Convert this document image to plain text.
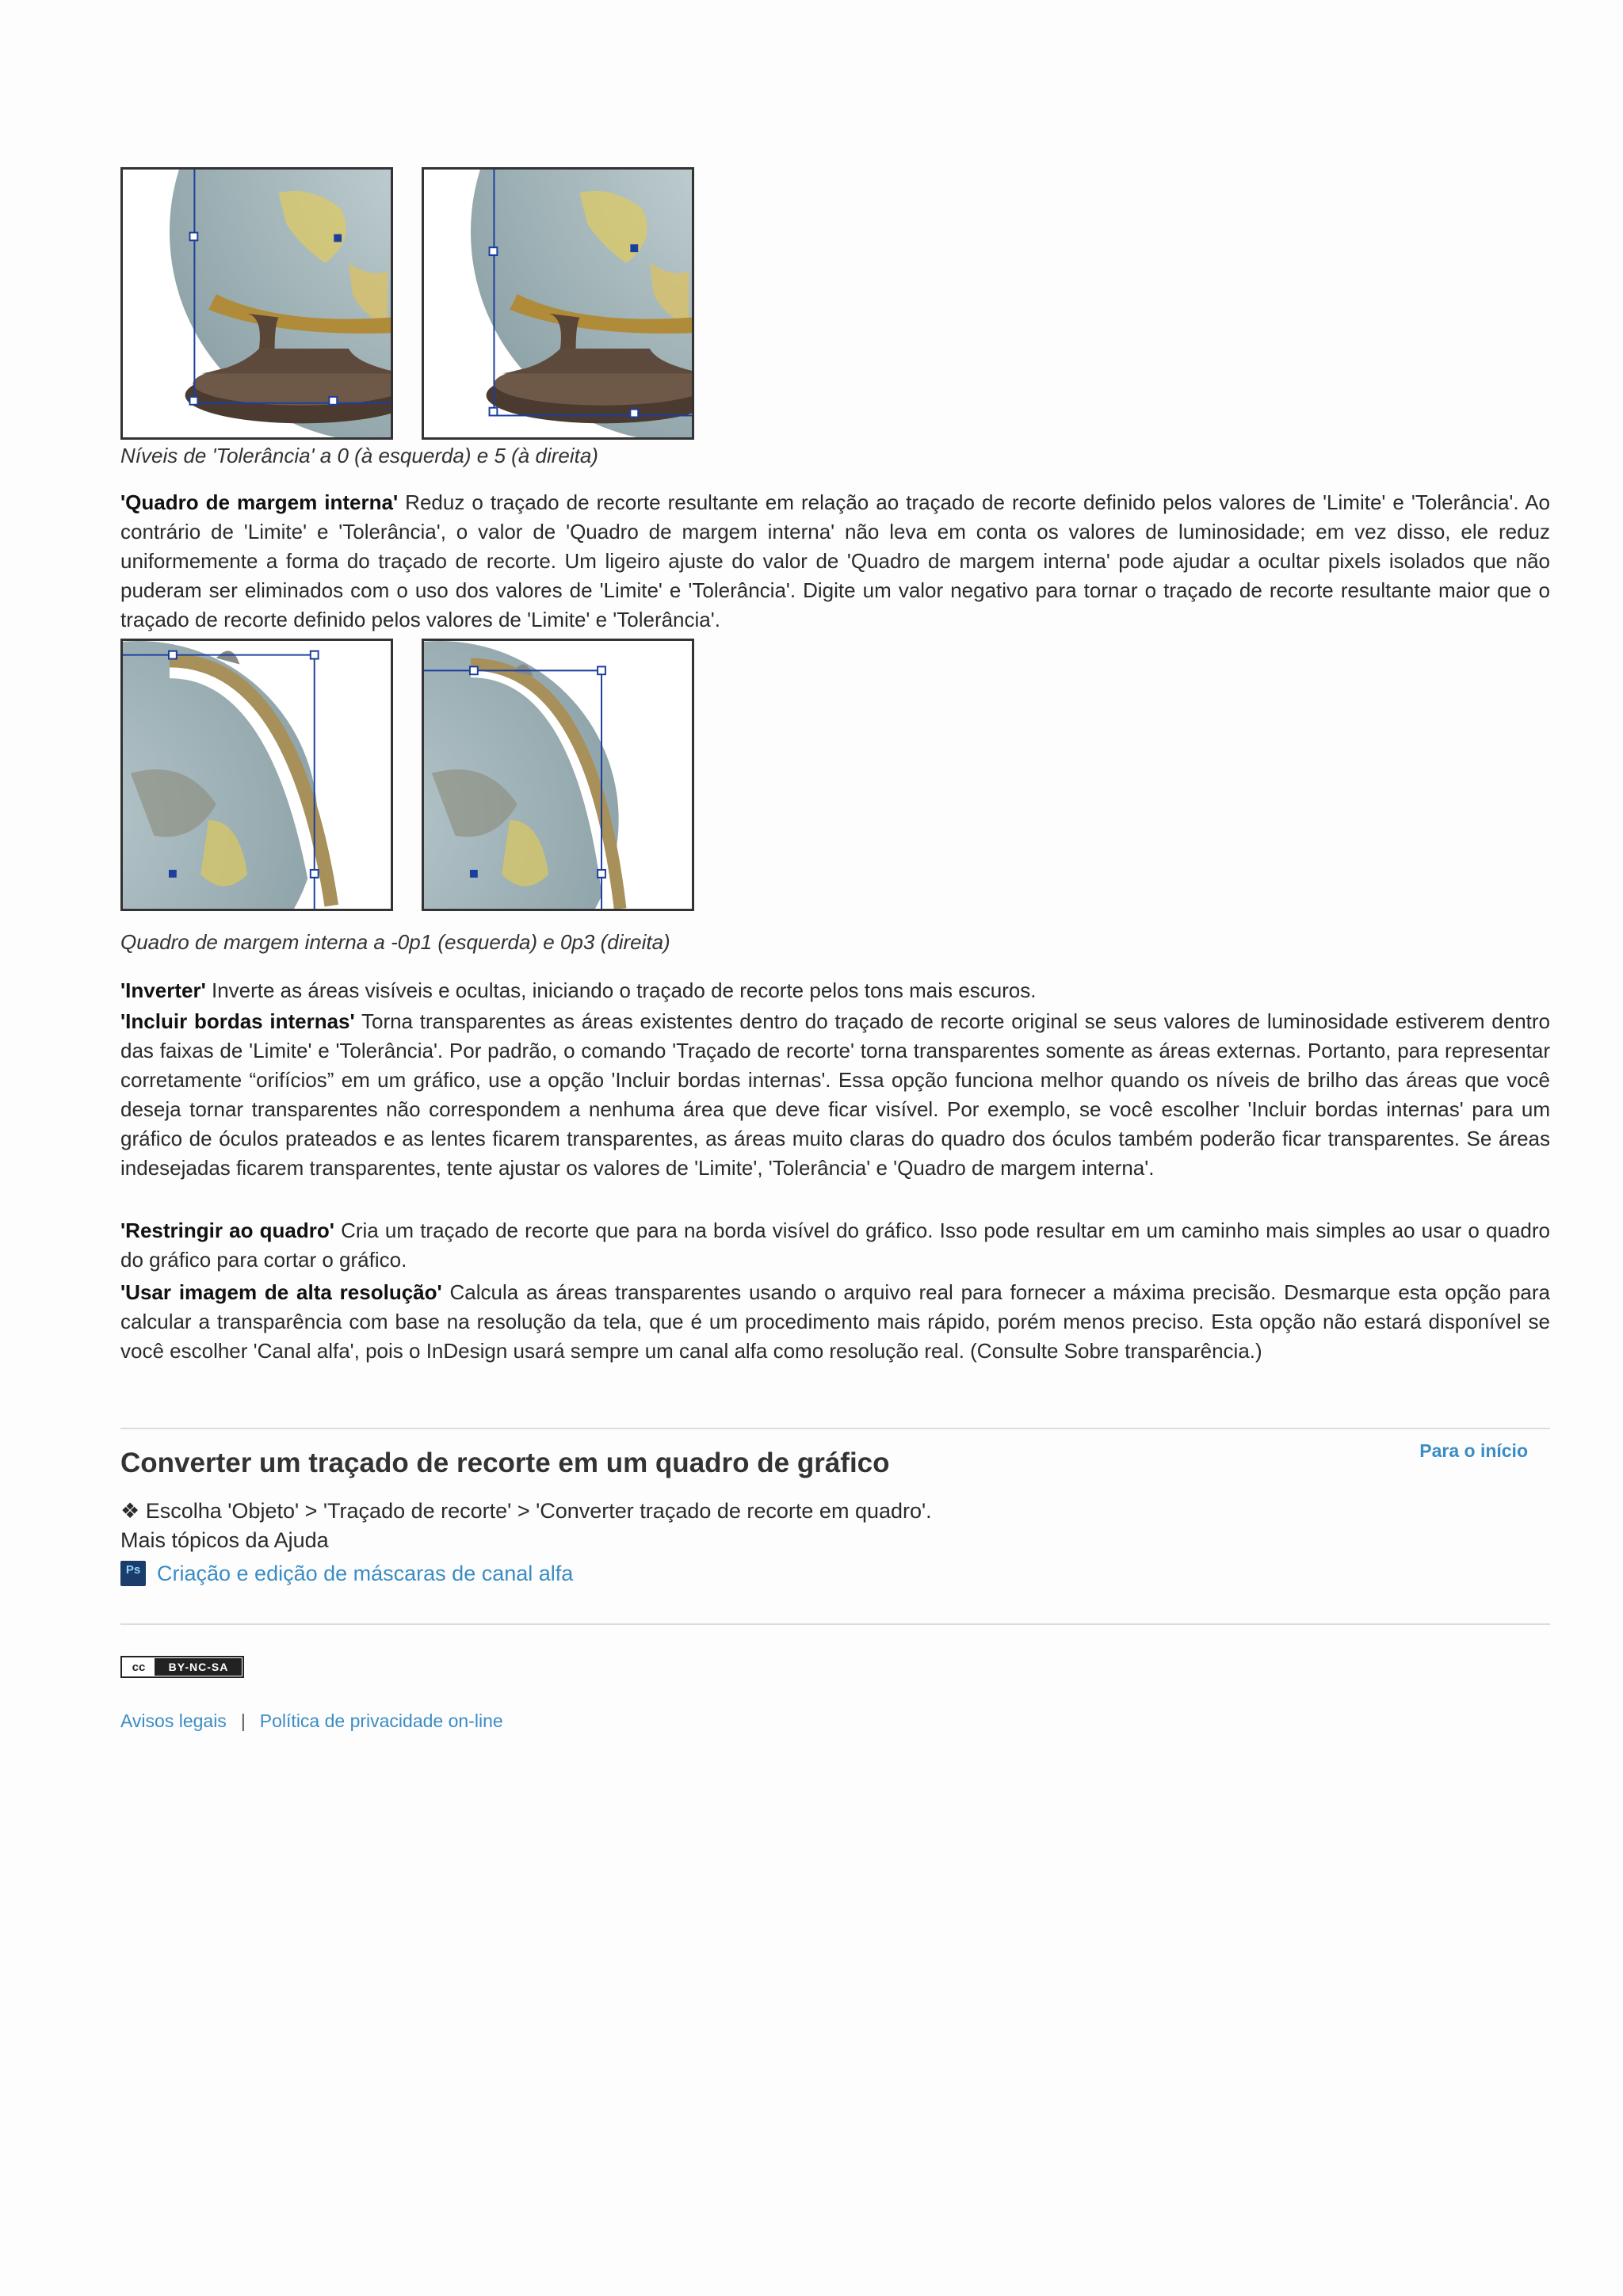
Níveis de 'Tolerância' a 0 (à esquerda) e 5 (à direita)

'Quadro de margem interna' Reduz o traçado de recorte resultante em relação ao traçado de recorte definido pelos valores de 'Limite' e 'Tolerância'. Ao contrário de 'Limite' e 'Tolerância', o valor de 'Quadro de margem interna' não leva em conta os valores de luminosidade; em vez disso, ele reduz uniformemente a forma do traçado de recorte. Um ligeiro ajuste do valor de 'Quadro de margem interna' pode ajudar a ocultar pixels isolados que não puderam ser eliminados com o uso dos valores de 'Limite' e 'Tolerância'. Digite um valor negativo para tornar o traçado de recorte resultante maior que o traçado de recorte definido pelos valores de 'Limite' e 'Tolerância'.

Quadro de margem interna a -0p1 (esquerda) e 0p3 (direita)

'Inverter' Inverte as áreas visíveis e ocultas, iniciando o traçado de recorte pelos tons mais escuros.

'Incluir bordas internas' Torna transparentes as áreas existentes dentro do traçado de recorte original se seus valores de luminosidade estiverem dentro das faixas de 'Limite' e 'Tolerância'. Por padrão, o comando 'Traçado de recorte' torna transparentes somente as áreas externas. Portanto, para representar corretamente “orifícios” em um gráfico, use a opção 'Incluir bordas internas'. Essa opção funciona melhor quando os níveis de brilho das áreas que você deseja tornar transparentes não correspondem a nenhuma área que deve ficar visível. Por exemplo, se você escolher 'Incluir bordas internas' para um gráfico de óculos prateados e as lentes ficarem transparentes, as áreas muito claras do quadro dos óculos também poderão ficar transparentes. Se áreas indesejadas ficarem transparentes, tente ajustar os valores de 'Limite', 'Tolerância' e 'Quadro de margem interna'.

'Restringir ao quadro' Cria um traçado de recorte que para na borda visível do gráfico. Isso pode resultar em um caminho mais simples ao usar o quadro do gráfico para cortar o gráfico.

'Usar imagem de alta resolução' Calcula as áreas transparentes usando o arquivo real para fornecer a máxima precisão. Desmarque esta opção para calcular a transparência com base na resolução da tela, que é um procedimento mais rápido, porém menos preciso. Esta opção não estará disponível se você escolher 'Canal alfa', pois o InDesign usará sempre um canal alfa como resolução real. (Consulte Sobre transparência.)

Para o início
Converter um traçado de recorte em um quadro de gráfico

❖ Escolha 'Objeto' > 'Traçado de recorte' > 'Converter traçado de recorte em quadro'.

Mais tópicos da Ajuda

Ps Criação e edição de máscaras de canal alfa
cc	BY-NC-SA
Avisos legais | Política de privacidade on-line
